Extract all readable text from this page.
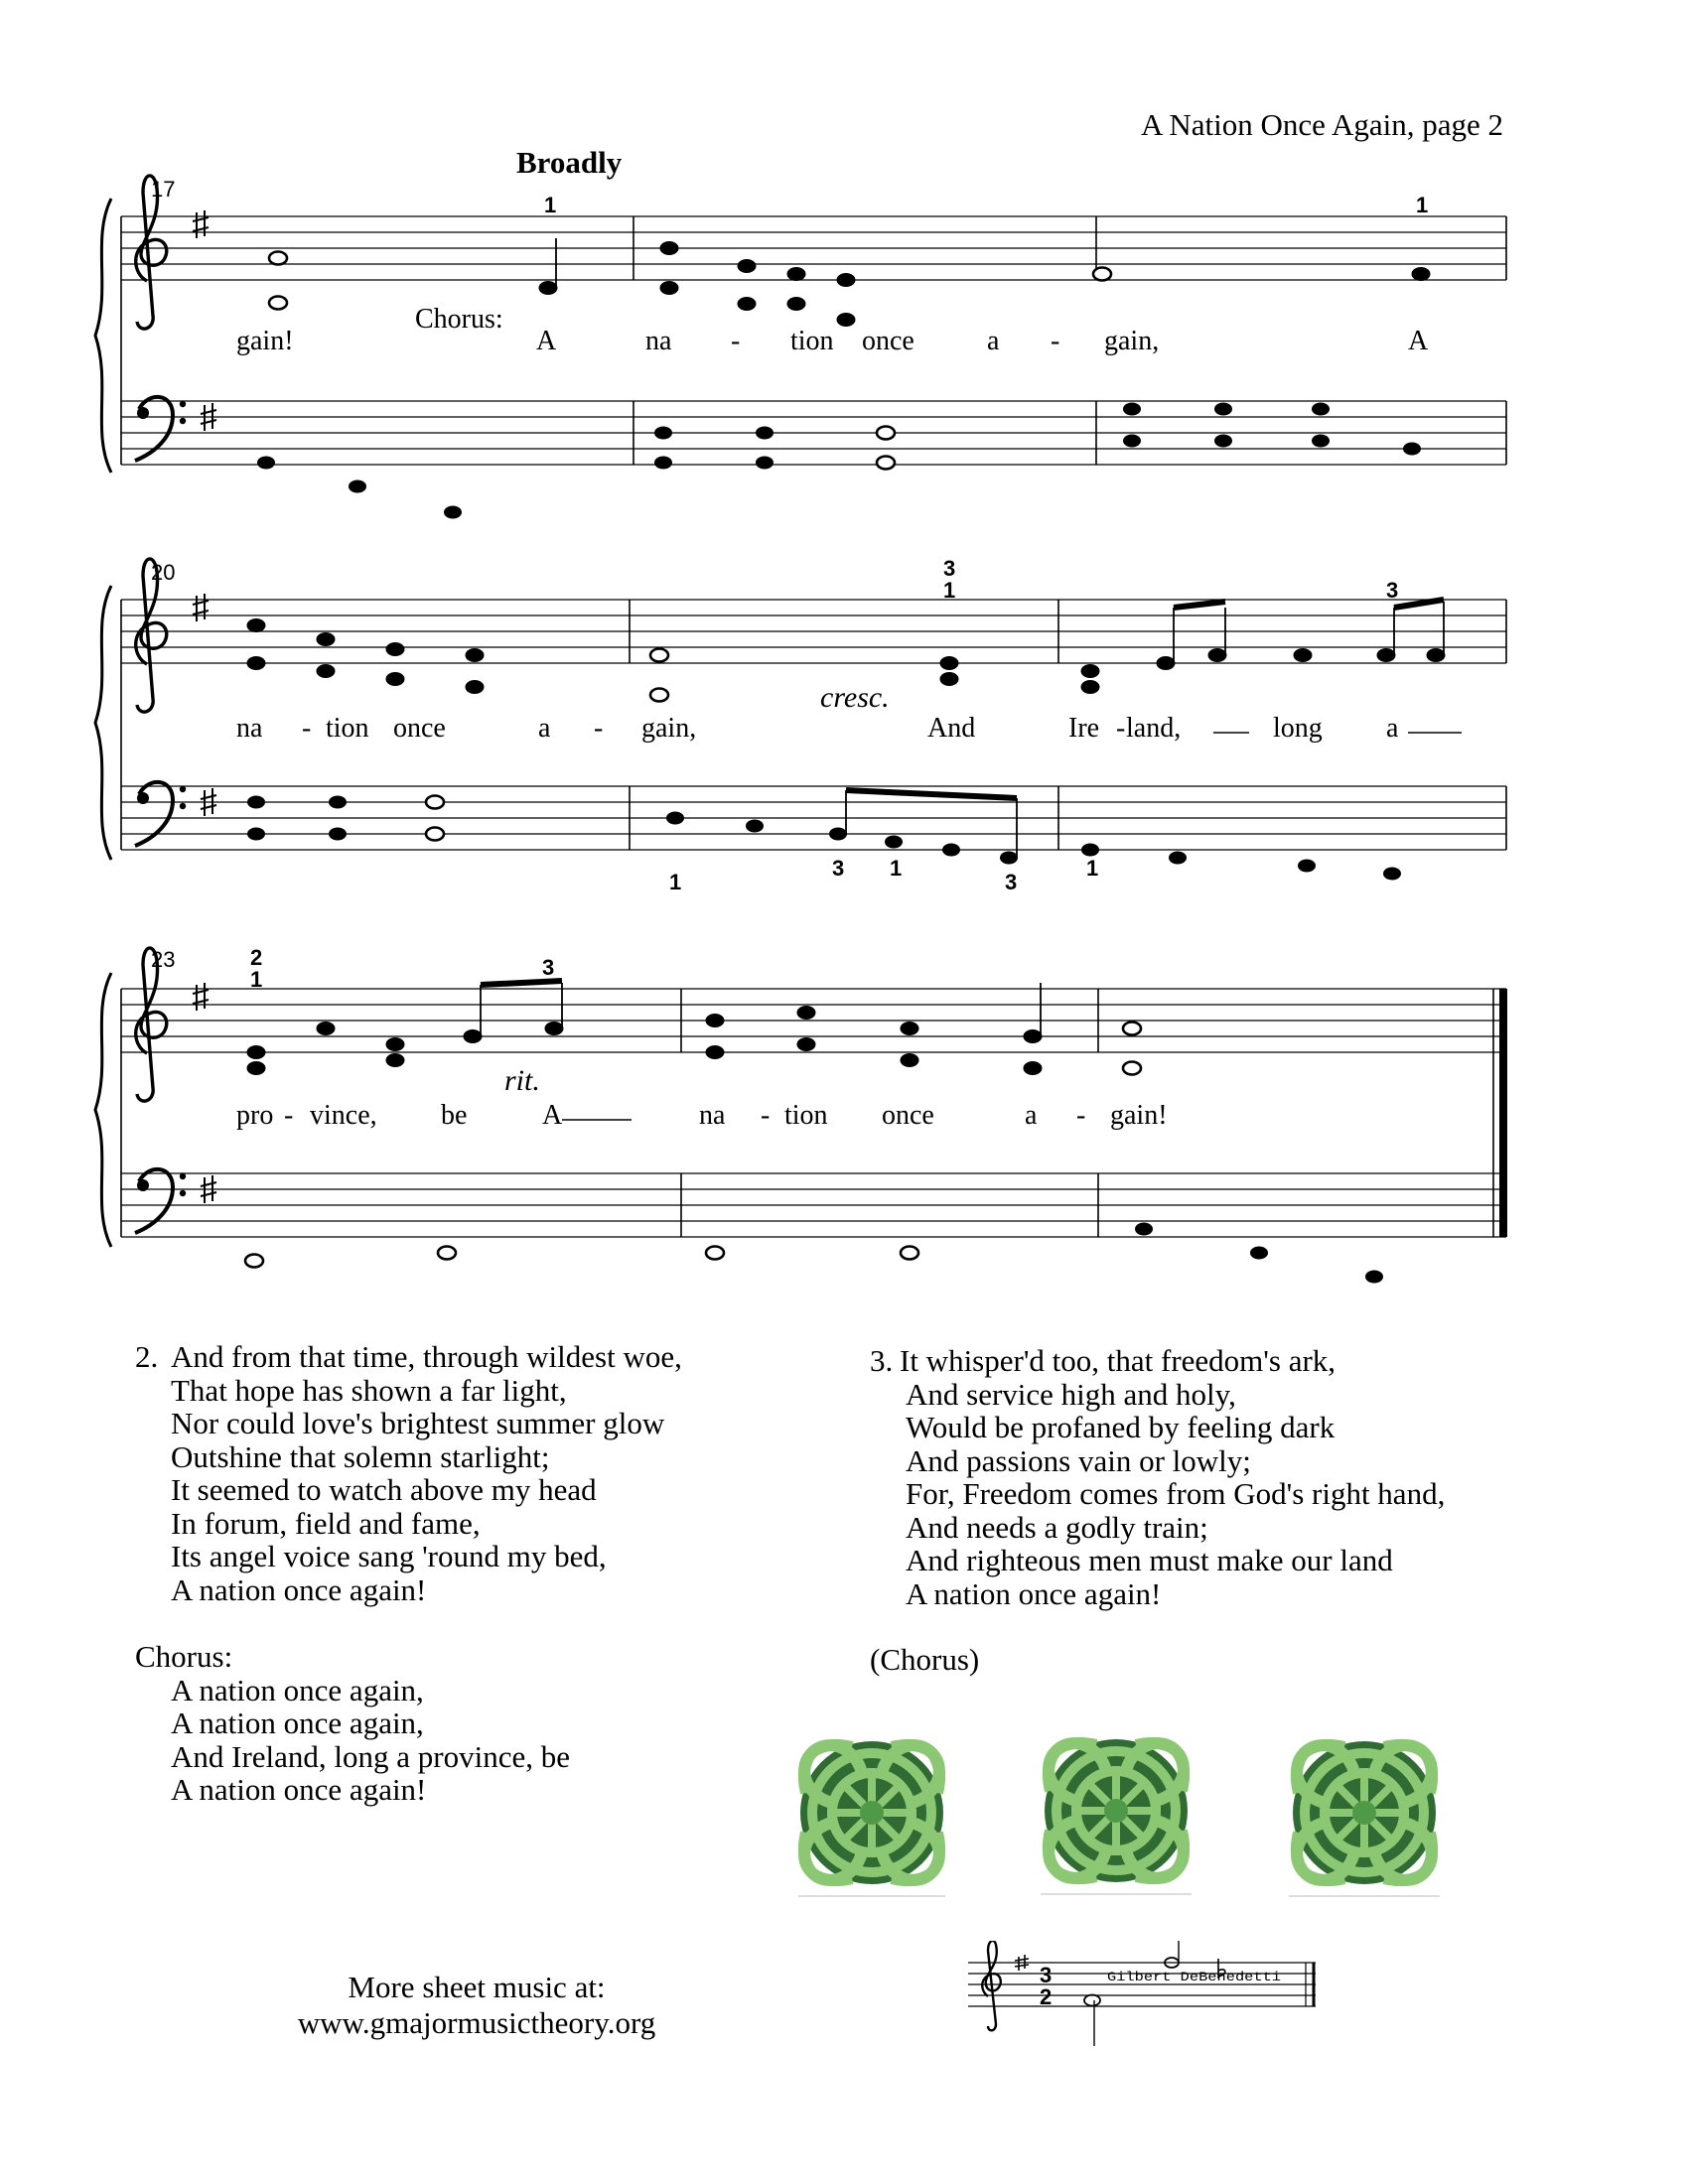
A Nation Once Again, page 2
Broadly
17
1	1
Chorus:
gain!	A	na - tion once	a - gain,	A
20	3
1	3
1
3 1
3
1
cresc.
na - tion once	a - gain,	And	Ire - land,	long a
23	2
1	3
rit.
pro - vince, be	A	na - tion once	a - gain!
2. And from that time, through wildest woe,
That hope has shown a far light,
Nor could love's brightest summer glow
Outshine that solemn starlight;
It seemed to watch above my head
In forum, field and fame,
Its angel voice sang 'round my bed,
A nation once again!
Chorus:
A nation once again,
A nation once again,
And Ireland, long a province, be
A nation once again!
3. It whisper'd too, that freedom's ark,
And service high and holy,
Would be profaned by feeling dark
And passions vain or lowly;
For, Freedom comes from God's right hand,
And needs a godly train;
And righteous men must make our land
A nation once again!
(Chorus)
More sheet music at:
www.gmajormusictheory.org
3
2
Gilbert DeBenedetti
